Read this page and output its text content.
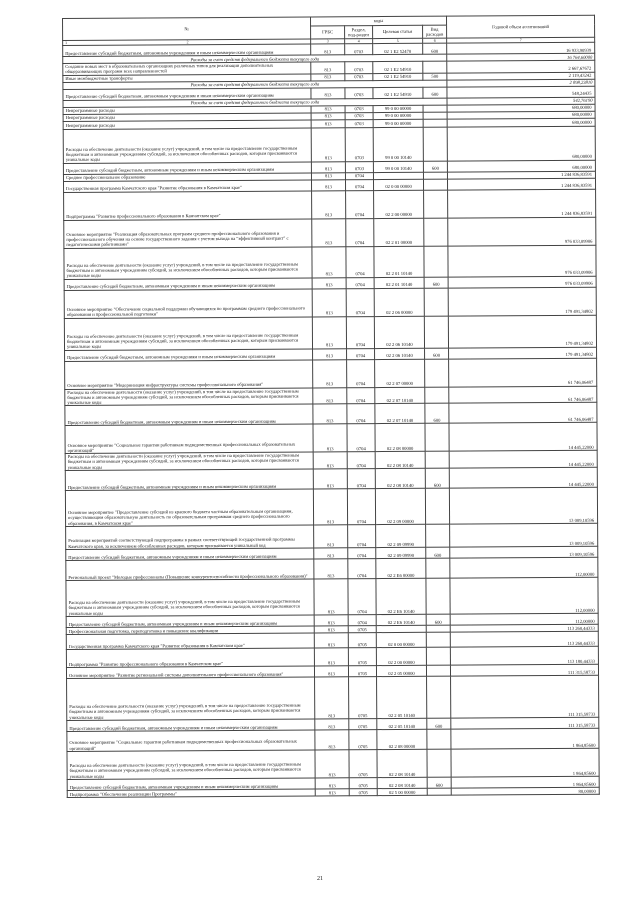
№	коды				Годовой объем ассигнований
	ГРБС	Раздел, под-раздел	Целевая статья	Вид расходов	

1 2	3	4	5	6	7
Предоставление субсидий бюджетным, автономным учреждениям и иным некоммерческим организациям	813	0703	02 1 Е2 52470	600	16 933,90939
Расходы за счет средств федерального бюджета текущего года					16 764,60000
Создание новых мест в образовательных организациях различных типов для реализации дополнительных общеразвивающих программ всех направленностей	813	0703	02 1 Е2 54910		2 667,67672
Иные межбюджетные трансферты	813	0703	02 1 Е2 54910	500	2 119,43242
Расходы за счет средств федерального бюджета текущего года					2 098,23810
Предоставление субсидий бюджетным, автономным учреждениям и иным некоммерческим организациям	813	0703	02 1 Е2 54910	600	548,24435
Расходы за счет средств федерального бюджета текущего года					542,76190
Непрограммные расходы	813	0703	99 0 00 00000		680,00000
Непрограммные расходы	813	0703	99 0 00 00000		680,00000
Непрограммные расходы	813	0703	99 0 00 00000		680,00000
Расходы на обеспечение деятельности (оказание услуг) учреждений, в том числе на предоставление государственным бюджетным и автономным учреждениям субсидий, за исключением обособленных расходов, которым присваиваются уникальные коды	813	0703	99 0 00 10140		680,00000
Предоставление субсидий бюджетным, автономным учреждениям и иным некоммерческим организациям	813	0703	99 0 00 10140	600	680,00000
Среднее профессиональное образование	813	0704			1 244 836,83591
Государственная программа Камчатского края "Развитие образования в Камчатском крае"	813	0704	02 0 00 00000		1 244 836,83591
Подпрограмма "Развитие профессионального образования в Камчатском крае"	813	0704	02 2 00 00000		1 244 836,83591
Основное мероприятие "Реализация образовательных программ среднего профессионального образования и профессионального обучения на основе государственного задания с учетом выхода на "эффективный контракт" с педагогическими работниками"	813	0704	02 2 01 00000		976 033,09906
Расходы на обеспечение деятельности (оказание услуг) учреждений, в том числе на предоставление государственным бюджетным и автономным учреждениям субсидий, за исключением обособленных расходов, которым присваиваются уникальные коды	813	0704	02 2 01 10140		976 033,09906
Предоставление субсидий бюджетным, автономным учреждениям и иным некоммерческим организациям	813	0704	02 2 01 10140	600	976 033,09906
Основное мероприятие "Обеспечение социальной поддержки обучающихся по программам среднего профессионального образования и профессиональной подготовки"	813	0704	02 2 06 00000		179 491,34802
Расходы на обеспечение деятельности (оказание услуг) учреждений, в том числе на предоставление государственным бюджетным и автономным учреждениям субсидий, за исключением обособленных расходов, которым присваиваются уникальные коды	813	0704	02 2 06 10140		179 491,34802
Предоставление субсидий бюджетным, автономным учреждениям и иным некоммерческим организациям	813	0704	02 2 06 10140	600	179 491,34802
Основное мероприятие "Модернизация инфраструктуры системы профессионального образования"	813	0704	02 2 07 00000		61 746,06487
Расходы на обеспечение деятельности (оказание услуг) учреждений, в том числе на предоставление государственным бюджетным и автономным учреждениям субсидий, за исключением обособленных расходов, которым присваиваются уникальные коды	813	0704	02 2 07 10140		61 746,06487
Предоставление субсидий бюджетным, автономным учреждениям и иным некоммерческим организациям	813	0704	02 2 07 10140	600	61 746,06487
Основное мероприятие "Социальные гарантии работникам подведомственных профессиональных образовательных организаций"	813	0704	02 2 08 00000		14 445,22000
Расходы на обеспечение деятельности (оказание услуг) учреждений, в том числе на предоставление государственным бюджетным и автономным учреждениям субсидий, за исключением обособленных расходов, которым присваиваются уникальные коды	813	0704	02 2 08 10140		14 445,22000
Предоставление субсидий бюджетным, автономным учреждениям и иным некоммерческим организациям	813	0704	02 2 08 10140	600	14 445,22000
Основное мероприятие "Предоставление субсидий из краевого бюджета частным образовательным организациям, осуществляющим образовательную деятельность по образовательным программам среднего профессионального образования, в Камчатском крае"	813	0704	02 2 09 00000		13 009,10596
Реализация мероприятий соответствующей подпрограммы в рамках соответствующей государственной программы Камчатского края, за исключением обособленных расходов, которым присваивается уникальный код	813	0704	02 2 09 09990		13 009,10596
Предоставление субсидий бюджетным, автономным учреждениям и иным некоммерческим организациям	813	0704	02 2 09 09990	600	13 009,10596
Региональный проект "Молодые профессионалы (Повышение конкурентоспособности профессионального образования)"	813	0704	02 2 Е6 00000		112,00000
Расходы на обеспечение деятельности (оказание услуг) учреждений, в том числе на предоставление государственным бюджетным и автономным учреждениям субсидий, за исключением обособленных расходов, которым присваиваются уникальные коды	813	0704	02 2 Е6 10140		112,00000
Предоставление субсидий бюджетным, автономным учреждениям и иным некоммерческим организациям	813	0704	02 2 Е6 10140	600	112,00000
Профессиональная подготовка, переподготовка и повышение квалификации	813	0705			113 260,44333
Государственная программа Камчатского края "Развитие образования в Камчатском крае"	813	0705	02 0 00 00000		113 260,44333
Подпрограмма "Развитие профессионального образования в Камчатском крае"	813	0705	02 2 00 00000		113 180,44333
Основное мероприятие "Развитие региональной системы дополнительного профессионального образования"	813	0705	02 2 05 00000		111 315,58733
Расходы на обеспечение деятельности (оказание услуг) учреждений, в том числе на предоставление государственным бюджетным и автономным учреждениям субсидий, за исключением обособленных расходов, которым присваиваются уникальные коды	813	0705	02 2 05 10140		111 315,58733
Предоставление субсидий бюджетным, автономным учреждениям и иным некоммерческим организациям	813	0705	02 2 05 10140	600	111 315,58733
Основное мероприятие "Социальные гарантии работникам подведомственных профессиональных образовательных организаций"	813	0705	02 2 08 00000		1 864,85600
Расходы на обеспечение деятельности (оказание услуг) учреждений, в том числе на предоставление государственным бюджетным и автономным учреждениям субсидий, за исключением обособленных расходов, которым присваиваются уникальные коды	813	0705	02 2 08 10140		1 864,85600
Предоставление субсидий бюджетным, автономным учреждениям и иным некоммерческим организациям	813	0705	02 2 08 10140	600	1 864,85600
Подпрограмма "Обеспечение реализации Программы"	813	0705	02 5 00 00000		80,00000
21
